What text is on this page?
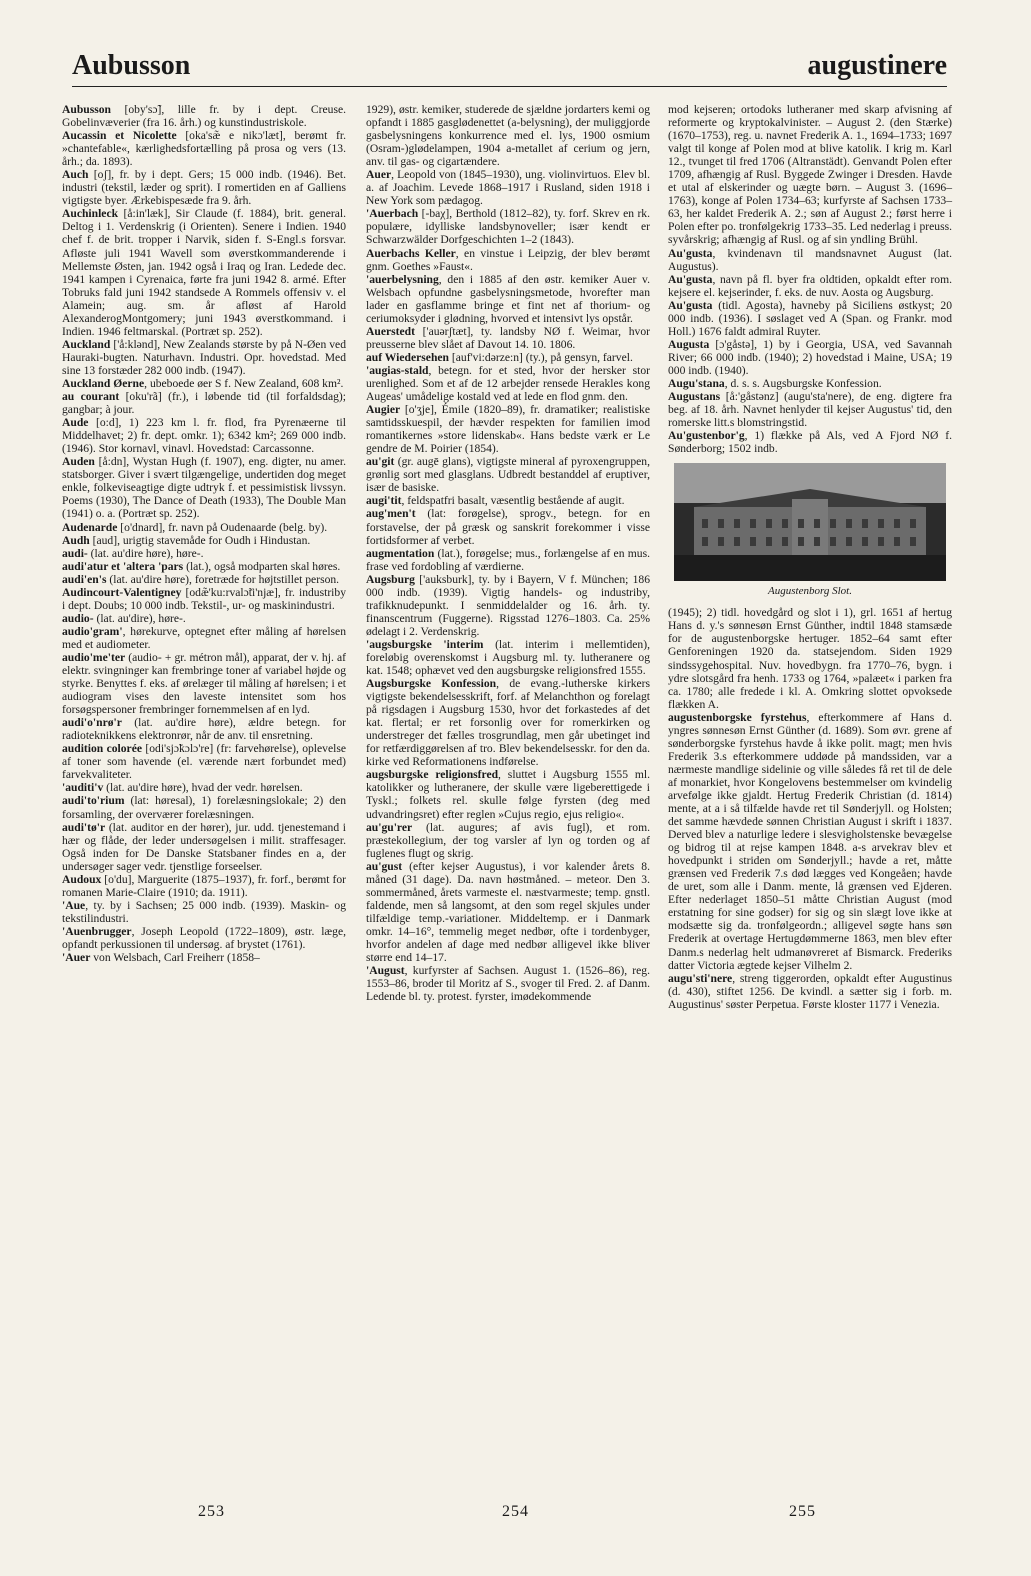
Aubusson	augustinere

Aubusson [oby'sɔ̃], lille fr. by i dept. Creuse. Gobelinvæverier (fra 16. årh.) og kunstindustriskole.

Aucassin et Nicolette [oka'sæ̃ e nikɔ'læt], berømt fr. »chantefable«, kærlighedsfortælling på prosa og vers (13. årh.; da. 1893).

Auch [oʃ], fr. by i dept. Gers; 15 000 indb. (1946). Bet. industri (tekstil, læder og sprit). I romertiden en af Galliens vigtigste byer. Ærkebispesæde fra 9. årh.

Auchinleck [å:in'læk], Sir Claude (f. 1884), brit. general. Deltog i 1. Verdenskrig (i Orienten). Senere i Indien. 1940 chef f. de brit. tropper i Narvik, siden f. S-Engl.s forsvar. Afløste juli 1941 Wavell som øverstkommanderende i Mellemste Østen, jan. 1942 også i Iraq og Iran. Ledede dec. 1941 kampen i Cyrenaica, førte fra juni 1942 8. armé. Efter Tobruks fald juni 1942 standsede A Rommels offensiv v. el Alamein; aug. sm. år afløst af Harold AlexanderogMontgomery; juni 1943 øverstkommand. i Indien. 1946 feltmarskal. (Portræt sp. 252).

Auckland ['å:klənd], New Zealands største by på N-Øen ved Hauraki-bugten. Naturhavn. Industri. Opr. hovedstad. Med sine 13 forstæder 282 000 indb. (1947).

Auckland Øerne, ubeboede øer S f. New Zealand, 608 km².

au courant [oku'rã] (fr.), i løbende tid (til forfaldsdag); gangbar; à jour.

Aude [o:d], 1) 223 km l. fr. flod, fra Pyrenæerne til Middelhavet; 2) fr. dept. omkr. 1); 6342 km²; 269 000 indb. (1946). Stor kornavl, vinavl. Hovedstad: Carcassonne.

Auden [å:dn], Wystan Hugh (f. 1907), eng. digter, nu amer. statsborger. Giver i svært tilgængelige, undertiden dog meget enkle, folkeviseagtige digte udtryk f. et pessimistisk livssyn. Poems (1930), The Dance of Death (1933), The Double Man (1941) o. a. (Portræt sp. 252).

Audenarde [o'dnard], fr. navn på Oudenaarde (belg. by).

Audh [aud], urigtig stavemåde for Oudh i Hindustan.

audi- (lat. au'dire høre), høre-.

audi'atur et 'altera 'pars (lat.), også modparten skal høres.

audi'en's (lat. au'dire høre), foretræde for højtstillet person.

Audincourt-Valentigney [odæ̃'ku:rvalɔ̃ti'njæ], fr. industriby i dept. Doubs; 10 000 indb. Tekstil-, ur- og maskinindustri.

audio- (lat. au'dire), høre-.

audio'gram', hørekurve, optegnet efter måling af hørelsen med et audiometer.

audio'me'ter (audio- + gr. métron mål), apparat, der v. hj. af elektr. svingninger kan frembringe toner af variabel højde og styrke. Benyttes f. eks. af ørelæger til måling af hørelsen; i et audiogram vises den laveste intensitet som hos forsøgspersoner frembringer fornemmelsen af en lyd.

audi'o'nrø'r (lat. au'dire høre), ældre betegn. for radioteknikkens elektronrør, når de anv. til ensretning.

audition colorée [odi'sjɔ̃kɔlɔ're] (fr: farvehørelse), oplevelse af toner som havende (el. værende nært forbundet med) farvekvaliteter.

'auditi'v (lat. au'dire høre), hvad der vedr. hørelsen.

audi'to'rium (lat: høresal), 1) forelæsningslokale; 2) den forsamling, der overværer forelæsningen.

audi'tø'r (lat. auditor en der hører), jur. udd. tjenestemand i hær og flåde, der leder undersøgelsen i milit. straffesager. Også inden for De Danske Statsbaner findes en a, der undersøger sager vedr. tjenstlige forseelser.

Audoux [o'du], Marguerite (1875–1937), fr. forf., berømt for romanen Marie-Claire (1910; da. 1911).

'Aue, ty. by i Sachsen; 25 000 indb. (1939). Maskin- og tekstilindustri.

'Auenbrugger, Joseph Leopold (1722–1809), østr. læge, opfandt perkussionen til undersøg. af brystet (1761).

'Auer von Welsbach, Carl Freiherr (1858–

1929), østr. kemiker, studerede de sjældne jordarters kemi og opfandt i 1885 gasglødenettet (a-belysning), der muliggjorde gasbelysningens konkurrence med el. lys, 1900 osmium (Osram-)glødelampen, 1904 a-metallet af cerium og jern, anv. til gas- og cigartændere.

Auer, Leopold von (1845–1930), ung. violinvirtuos. Elev bl. a. af Joachim. Levede 1868–1917 i Rusland, siden 1918 i New York som pædagog.

'Auerbach [-baχ], Berthold (1812–82), ty. forf. Skrev en rk. populære, idylliske landsbynoveller; især kendt er Schwarzwälder Dorfgeschichten 1–2 (1843).

Auerbachs Keller, en vinstue i Leipzig, der blev berømt gnm. Goethes »Faust«.

'auerbelysning, den i 1885 af den østr. kemiker Auer v. Welsbach opfundne gasbelysningsmetode, hvorefter man lader en gasflamme bringe et fint net af thorium- og ceriumoksyder i glødning, hvorved et intensivt lys opstår.

Auerstedt ['auərʃtæt], ty. landsby NØ f. Weimar, hvor preusserne blev slået af Davout 14. 10. 1806.

auf Wiedersehen [auf'vi:dərze:n] (ty.), på gensyn, farvel.

'augias-stald, betegn. for et sted, hvor der hersker stor urenlighed. Som et af de 12 arbejder rensede Herakles kong Augeas' umådelige kostald ved at lede en flod gnm. den.

Augier [o'ʒje], Émile (1820–89), fr. dramatiker; realistiske samtidsskuespil, der hævder respekten for familien imod romantikernes »store lidenskab«. Hans bedste værk er Le gendre de M. Poirier (1854).

au'git (gr. augē glans), vigtigste mineral af pyroxengruppen, grønlig sort med glasglans. Udbredt bestanddel af eruptiver, især de basiske.

augi'tit, feldspatfri basalt, væsentlig bestående af augit.

aug'men't (lat: forøgelse), sprogv., betegn. for en forstavelse, der på græsk og sanskrit forekommer i visse fortidsformer af verbet.

augmentation (lat.), forøgelse; mus., forlængelse af en mus. frase ved fordobling af værdierne.

Augsburg ['auksburk], ty. by i Bayern, V f. München; 186 000 indb. (1939). Vigtig handels- og industriby, trafikknudepunkt. I senmiddelalder og 16. årh. ty. finanscentrum (Fuggerne). Rigsstad 1276–1803. Ca. 25% ødelagt i 2. Verdenskrig.

'augsburgske 'interim (lat. interim i mellemtiden), foreløbig overenskomst i Augsburg ml. ty. lutheranere og kat. 1548; ophævet ved den augsburgske religionsfred 1555.

Augsburgske Konfession, de evang.-lutherske kirkers vigtigste bekendelsesskrift, forf. af Melanchthon og forelagt på rigsdagen i Augsburg 1530, hvor det forkastedes af det kat. flertal; er ret forsonlig over for romerkirken og understreger det fælles trosgrundlag, men går ubetinget ind for retfærdiggørelsen af tro. Blev bekendelsesskr. for den da. kirke ved Reformationens indførelse.

augsburgske religionsfred, sluttet i Augsburg 1555 ml. katolikker og lutheranere, der skulle være ligeberettigede i Tyskl.; folkets rel. skulle følge fyrsten (deg med udvandringsret) efter reglen »Cujus regio, ejus religio«.

au'gu'rer (lat. augures; af avis fugl), et rom. præstekollegium, der tog varsler af lyn og torden og af fuglenes flugt og skrig.

au'gust (efter kejser Augustus), i vor kalender årets 8. måned (31 dage). Da. navn høstmåned. – meteor. Den 3. sommermåned, årets varmeste el. næstvarmeste; temp. gnstl. faldende, men så langsomt, at den som regel skjules under tilfældige temp.-variationer. Middeltemp. er i Danmark omkr. 14–16°, temmelig meget nedbør, ofte i tordenbyger, hvorfor andelen af dage med nedbør alligevel ikke bliver større end 14–17.

'August, kurfyrster af Sachsen. August 1. (1526–86), reg. 1553–86, broder til Moritz af S., svoger til Fred. 2. af Danm. Ledende bl. ty. protest. fyrster, imødekommende

mod kejseren; ortodoks lutheraner med skarp afvisning af reformerte og kryptokalvinister. – August 2. (den Stærke) (1670–1753), reg. u. navnet Frederik A. 1., 1694–1733; 1697 valgt til konge af Polen mod at blive katolik. I krig m. Karl 12., tvunget til fred 1706 (Altranstädt). Genvandt Polen efter 1709, afhængig af Rusl. Byggede Zwinger i Dresden. Havde et utal af elskerinder og uægte børn. – August 3. (1696–1763), konge af Polen 1734–63; kurfyrste af Sachsen 1733–63, her kaldet Frederik A. 2.; søn af August 2.; først herre i Polen efter po. tronfølgekrig 1733–35. Led nederlag i preuss. syvårskrig; afhængig af Rusl. og af sin yndling Brühl.

Au'gusta, kvindenavn til mandsnavnet August (lat. Augustus).

Au'gusta, navn på fl. byer fra oldtiden, opkaldt efter rom. kejsere el. kejserinder, f. eks. de nuv. Aosta og Augsburg.

Au'gusta (tidl. Agosta), havneby på Siciliens østkyst; 20 000 indb. (1936). I søslaget ved A (Span. og Frankr. mod Holl.) 1676 faldt admiral Ruyter.

Augusta [ɔ'gåstə], 1) by i Georgia, USA, ved Savannah River; 66 000 indb. (1940); 2) hovedstad i Maine, USA; 19 000 indb. (1940).

Augu'stana, d. s. s. Augsburgske Konfession.

Augustans [å:'gåstənz] (augu'sta'nere), de eng. digtere fra beg. af 18. årh. Navnet henlyder til kejser Augustus' tid, den romerske litt.s blomstringstid.

Au'gustenbor'g, 1) flække på Als, ved A Fjord NØ f. Sønderborg; 1502 indb.

Augustenborg Slot.

(1945); 2) tidl. hovedgård og slot i 1), grl. 1651 af hertug Hans d. y.'s sønnesøn Ernst Günther, indtil 1848 stamsæde for de augustenborgske hertuger. 1852–64 samt efter Genforeningen 1920 da. statsejendom. Siden 1929 sindssygehospital. Nuv. hovedbygn. fra 1770–76, bygn. i ydre slotsgård fra henh. 1733 og 1764, »palæet« i parken fra ca. 1780; alle fredede i kl. A. Omkring slottet opvoksede flækken A.

augustenborgske fyrstehus, efterkommere af Hans d. yngres sønnesøn Ernst Günther (d. 1689). Som øvr. grene af sønderborgske fyrstehus havde å ikke polit. magt; men hvis Frederik 3.s efterkommere uddøde på mandssiden, var a nærmeste mandlige sidelinie og ville således få ret til de dele af monarkiet, hvor Kongelovens bestemmelser om kvindelig arvefølge ikke gjaldt. Hertug Frederik Christian (d. 1814) mente, at a i så tilfælde havde ret til Sønderjyll. og Holsten; det samme hævdede sønnen Christian August i skrift i 1837. Derved blev a naturlige ledere i slesvigholstenske bevægelse og bidrog til at rejse kampen 1848. a-s arvekrav blev et hovedpunkt i striden om Sønderjyll.; havde a ret, måtte grænsen ved Frederik 7.s død lægges ved Kongeåen; havde de uret, som alle i Danm. mente, lå grænsen ved Ejderen. Efter nederlaget 1850–51 måtte Christian August (mod erstatning for sine godser) for sig og sin slægt love ikke at modsætte sig da. tronfølgeordn.; alligevel søgte hans søn Frederik at overtage Hertugdømmerne 1863, men blev efter Danm.s nederlag helt udmanøvreret af Bismarck. Frederiks datter Victoria ægtede kejser Vilhelm 2.

augu'sti'nere, streng tiggerorden, opkaldt efter Augustinus (d. 430), stiftet 1256. De kvindl. a sætter sig i forb. m. Augustinus' søster Perpetua. Første kloster 1177 i Venezia.

253	254	255
